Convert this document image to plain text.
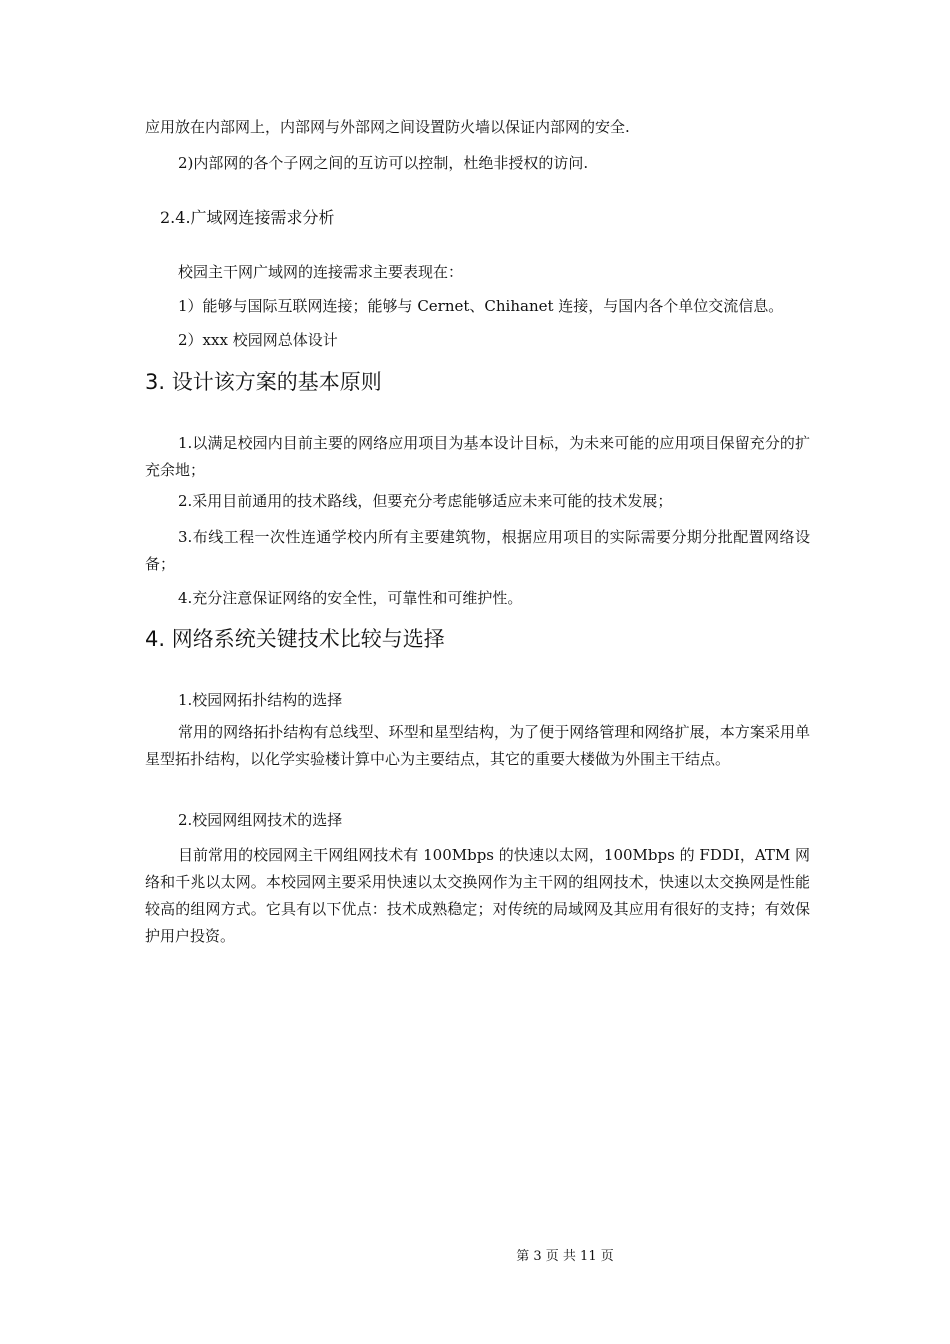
应用放在内部网上，内部网与外部网之间设置防火墙以保证内部网的安全.

2)内部网的各个子网之间的互访可以控制，杜绝非授权的访问.

2.4.广域网连接需求分析

校园主干网广域网的连接需求主要表现在：

1）能够与国际互联网连接；能够与 Cernet、Chihanet 连接，与国内各个单位交流信息。

2）xxx 校园网总体设计

3. 设计该方案的基本原则

1.以满足校园内目前主要的网络应用项目为基本设计目标，为未来可能的应用项目保留充分的扩充余地；

2.采用目前通用的技术路线，但要充分考虑能够适应未来可能的技术发展；

3.布线工程一次性连通学校内所有主要建筑物，根据应用项目的实际需要分期分批配置网络设备；

4.充分注意保证网络的安全性，可靠性和可维护性。

4. 网络系统关键技术比较与选择

1.校园网拓扑结构的选择

常用的网络拓扑结构有总线型、环型和星型结构，为了便于网络管理和网络扩展，本方案采用单星型拓扑结构，以化学实验楼计算中心为主要结点，其它的重要大楼做为外围主干结点。

2.校园网组网技术的选择

目前常用的校园网主干网组网技术有 100Mbps 的快速以太网，100Mbps 的 FDDI，ATM 网络和千兆以太网。本校园网主要采用快速以太交换网作为主干网的组网技术，快速以太交换网是性能较高的组网方式。它具有以下优点：技术成熟稳定；对传统的局域网及其应用有很好的支持；有效保护用户投资。

第 3 页 共 11 页
